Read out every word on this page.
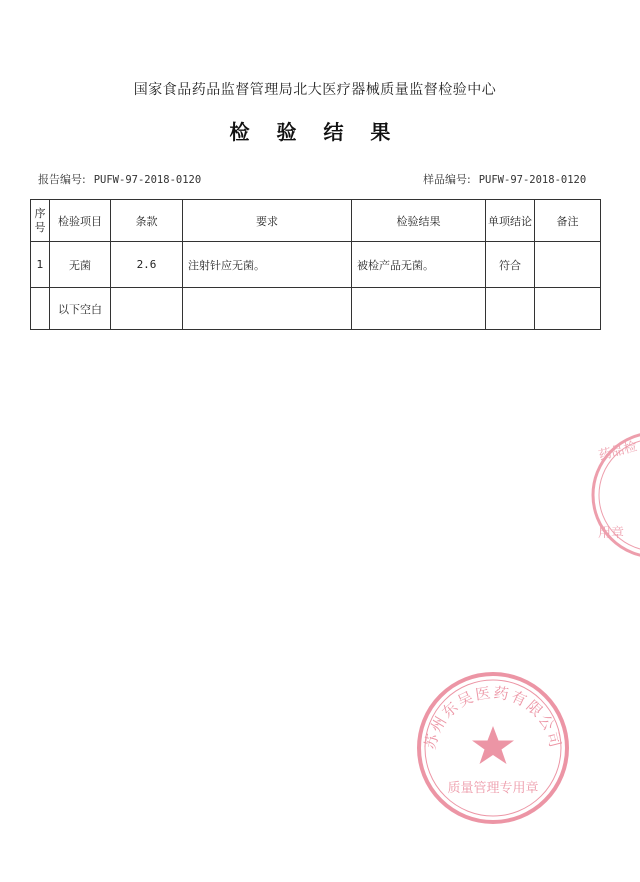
国家食品药品监督管理局北大医疗器械质量监督检验中心
检 验 结 果
报告编号: PUFW-97-2018-0120	样品编号: PUFW-97-2018-0120
序
号	检验项目	条款	要求	检验结果	单项结论	备注
1	无菌	2.6	注射针应无菌。	被检产品无菌。	符合	
	以下空白					
药品检
用章
苏州东吴医药有限公司
质量管理专用章
